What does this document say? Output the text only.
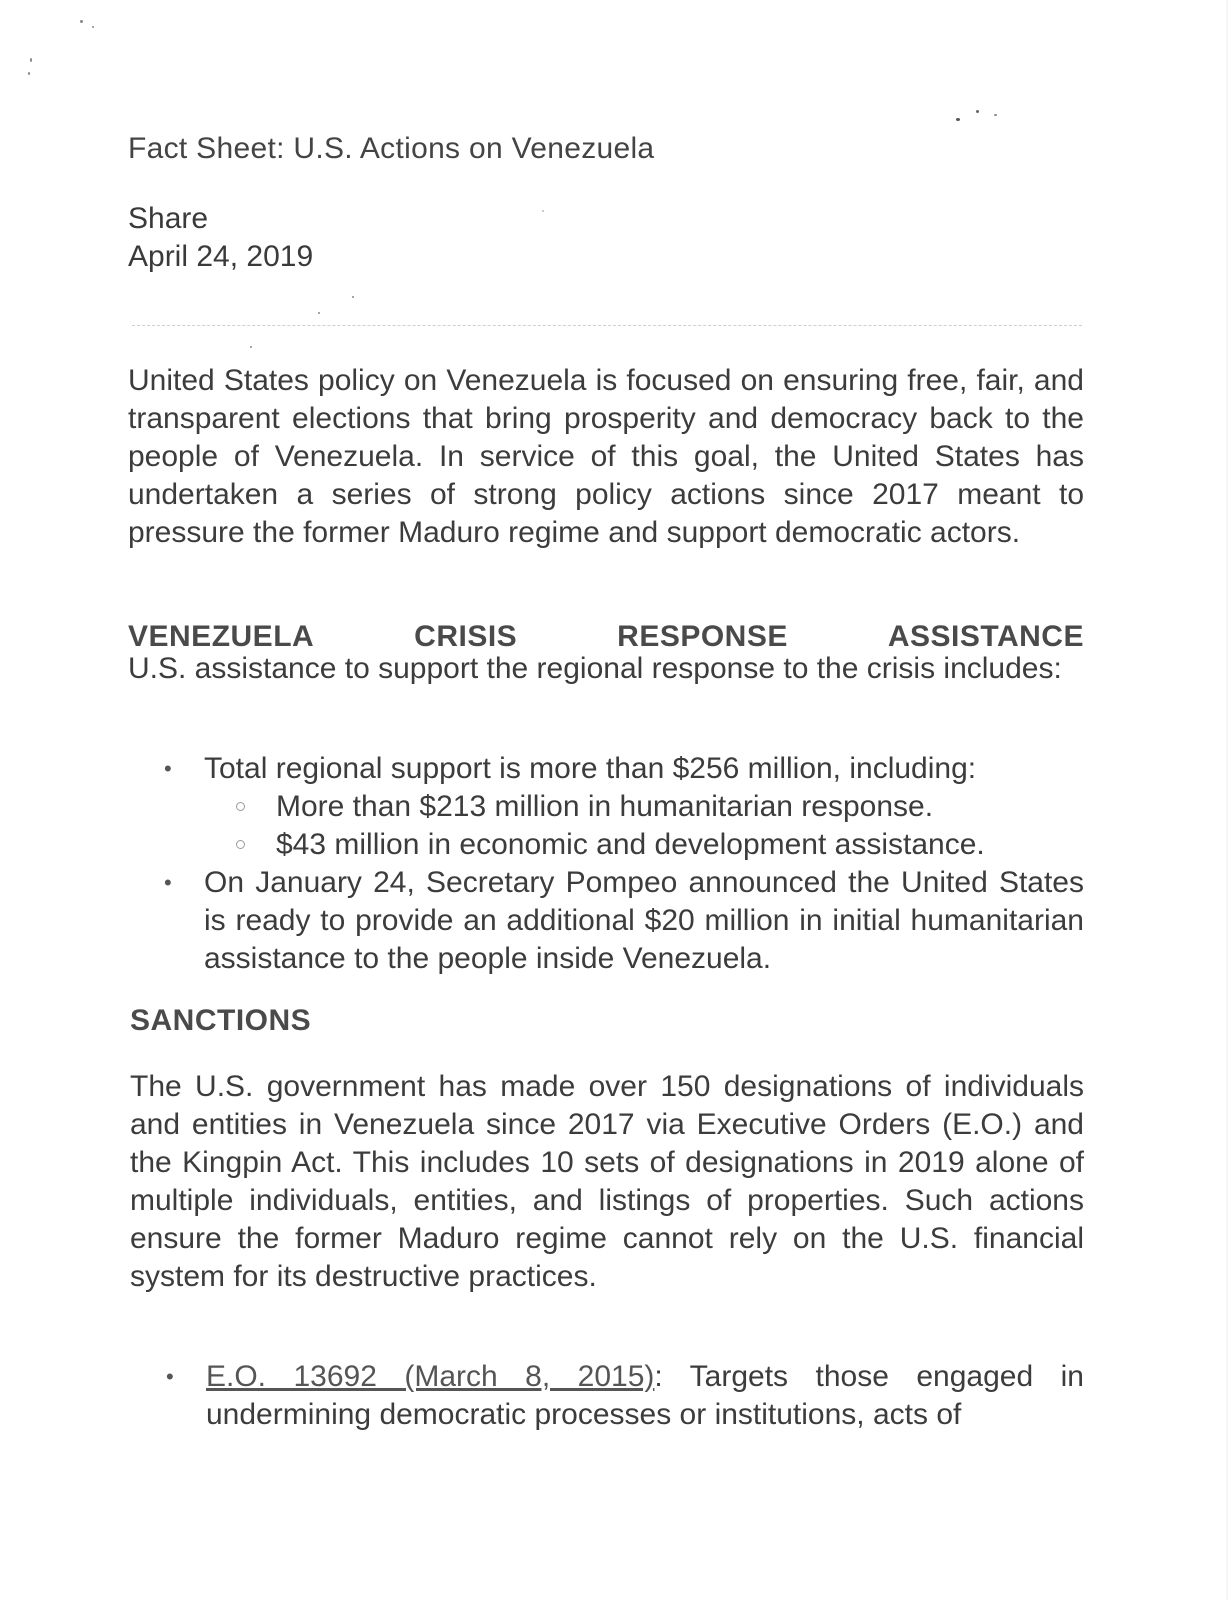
Fact Sheet: U.S. Actions on Venezuela
Share
April 24, 2019
United States policy on Venezuela is focused on ensuring free, fair, and transparent elections that bring prosperity and democracy back to the people of Venezuela. In service of this goal, the United States has undertaken a series of strong policy actions since 2017 meant to pressure the former Maduro regime and support democratic actors.
VENEZUELA	CRISIS	RESPONSE	ASSISTANCE
U.S. assistance to support the regional response to the crisis includes:
• Total regional support is more than $256 million, including:
More than $213 million in humanitarian response.
$43 million in economic and development assistance.
• On January 24, Secretary Pompeo announced the United States is ready to provide an additional $20 million in initial humanitarian assistance to the people inside Venezuela.
SANCTIONS
The U.S. government has made over 150 designations of individuals and entities in Venezuela since 2017 via Executive Orders (E.O.) and the Kingpin Act. This includes 10 sets of designations in 2019 alone of multiple individuals, entities, and listings of properties. Such actions ensure the former Maduro regime cannot rely on the U.S. financial system for its destructive practices.
• E.O. 13692 (March 8, 2015): Targets those engaged in undermining democratic processes or institutions, acts of
